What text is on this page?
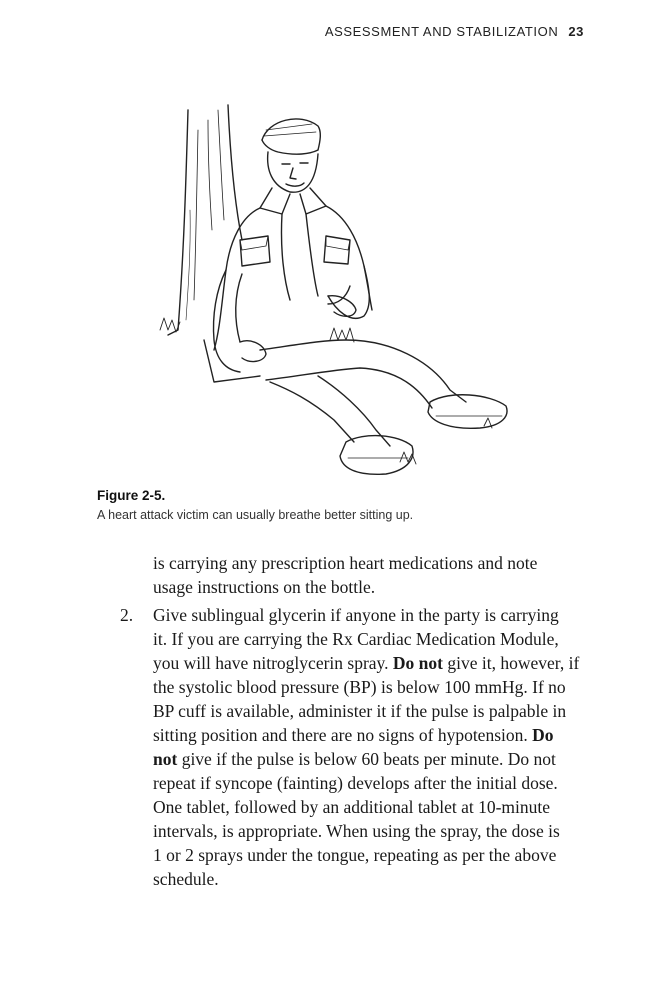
ASSESSMENT AND STABILIZATION 23
Figure 2-5.
A heart attack victim can usually breathe better sitting up.
is carrying any prescription heart medications and note
usage instructions on the bottle.
2. Give sublingual glycerin if anyone in the party is carrying
it. If you are carrying the Rx Cardiac Medication Module,
you will have nitroglycerin spray. Do not give it, however, if
the systolic blood pressure (BP) is below 100 mmHg. If no
BP cuff is available, administer it if the pulse is palpable in
sitting position and there are no signs of hypotension. Do
not give if the pulse is below 60 beats per minute. Do not
repeat if syncope (fainting) develops after the initial dose.
One tablet, followed by an additional tablet at 10-minute
intervals, is appropriate. When using the spray, the dose is
1 or 2 sprays under the tongue, repeating as per the above
schedule.
